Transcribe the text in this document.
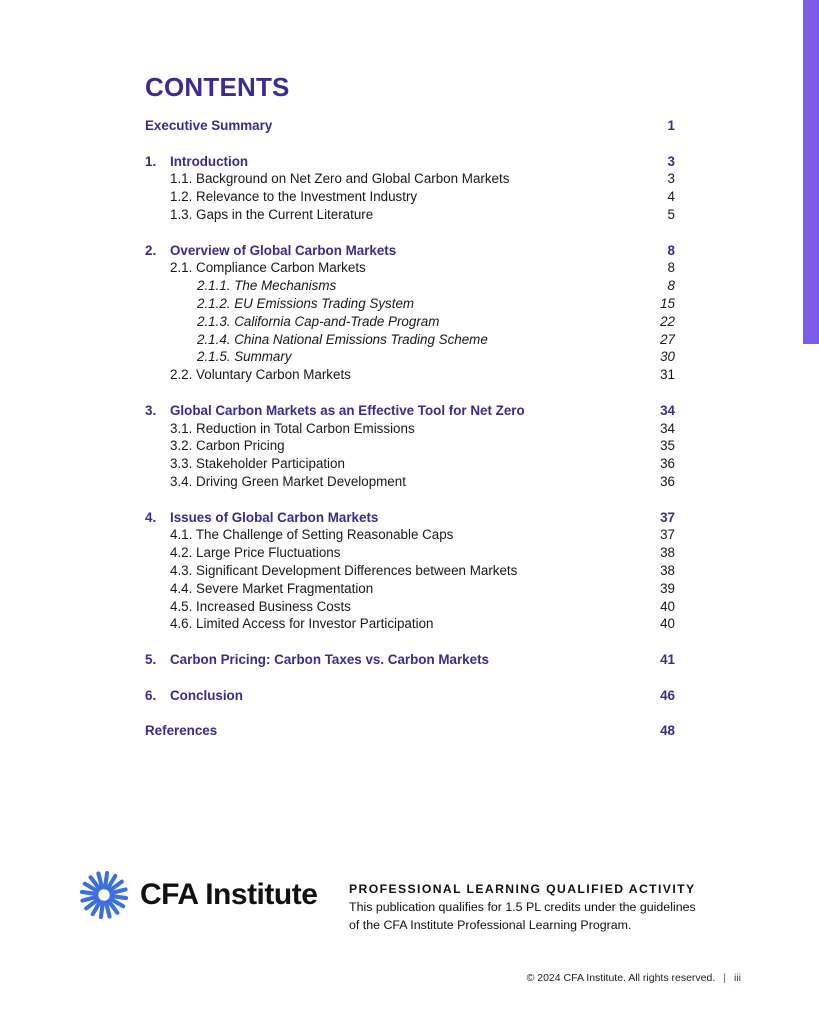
CONTENTS
Executive Summary	1
1. Introduction	3
1.1. Background on Net Zero and Global Carbon Markets	3
1.2. Relevance to the Investment Industry	4
1.3. Gaps in the Current Literature	5
2. Overview of Global Carbon Markets	8
2.1. Compliance Carbon Markets	8
2.1.1. The Mechanisms	8
2.1.2. EU Emissions Trading System	15
2.1.3. California Cap-and-Trade Program	22
2.1.4. China National Emissions Trading Scheme	27
2.1.5. Summary	30
2.2. Voluntary Carbon Markets	31
3. Global Carbon Markets as an Effective Tool for Net Zero	34
3.1. Reduction in Total Carbon Emissions	34
3.2. Carbon Pricing	35
3.3. Stakeholder Participation	36
3.4. Driving Green Market Development	36
4. Issues of Global Carbon Markets	37
4.1. The Challenge of Setting Reasonable Caps	37
4.2. Large Price Fluctuations	38
4.3. Significant Development Differences between Markets	38
4.4. Severe Market Fragmentation	39
4.5. Increased Business Costs	40
4.6. Limited Access for Investor Participation	40
5. Carbon Pricing: Carbon Taxes vs. Carbon Markets	41
6. Conclusion	46
References	48
CFA Institute	PROFESSIONAL LEARNING QUALIFIED ACTIVITY
This publication qualifies for 1.5 PL credits under the guidelines
of the CFA Institute Professional Learning Program.
© 2024 CFA Institute. All rights reserved. | iii
